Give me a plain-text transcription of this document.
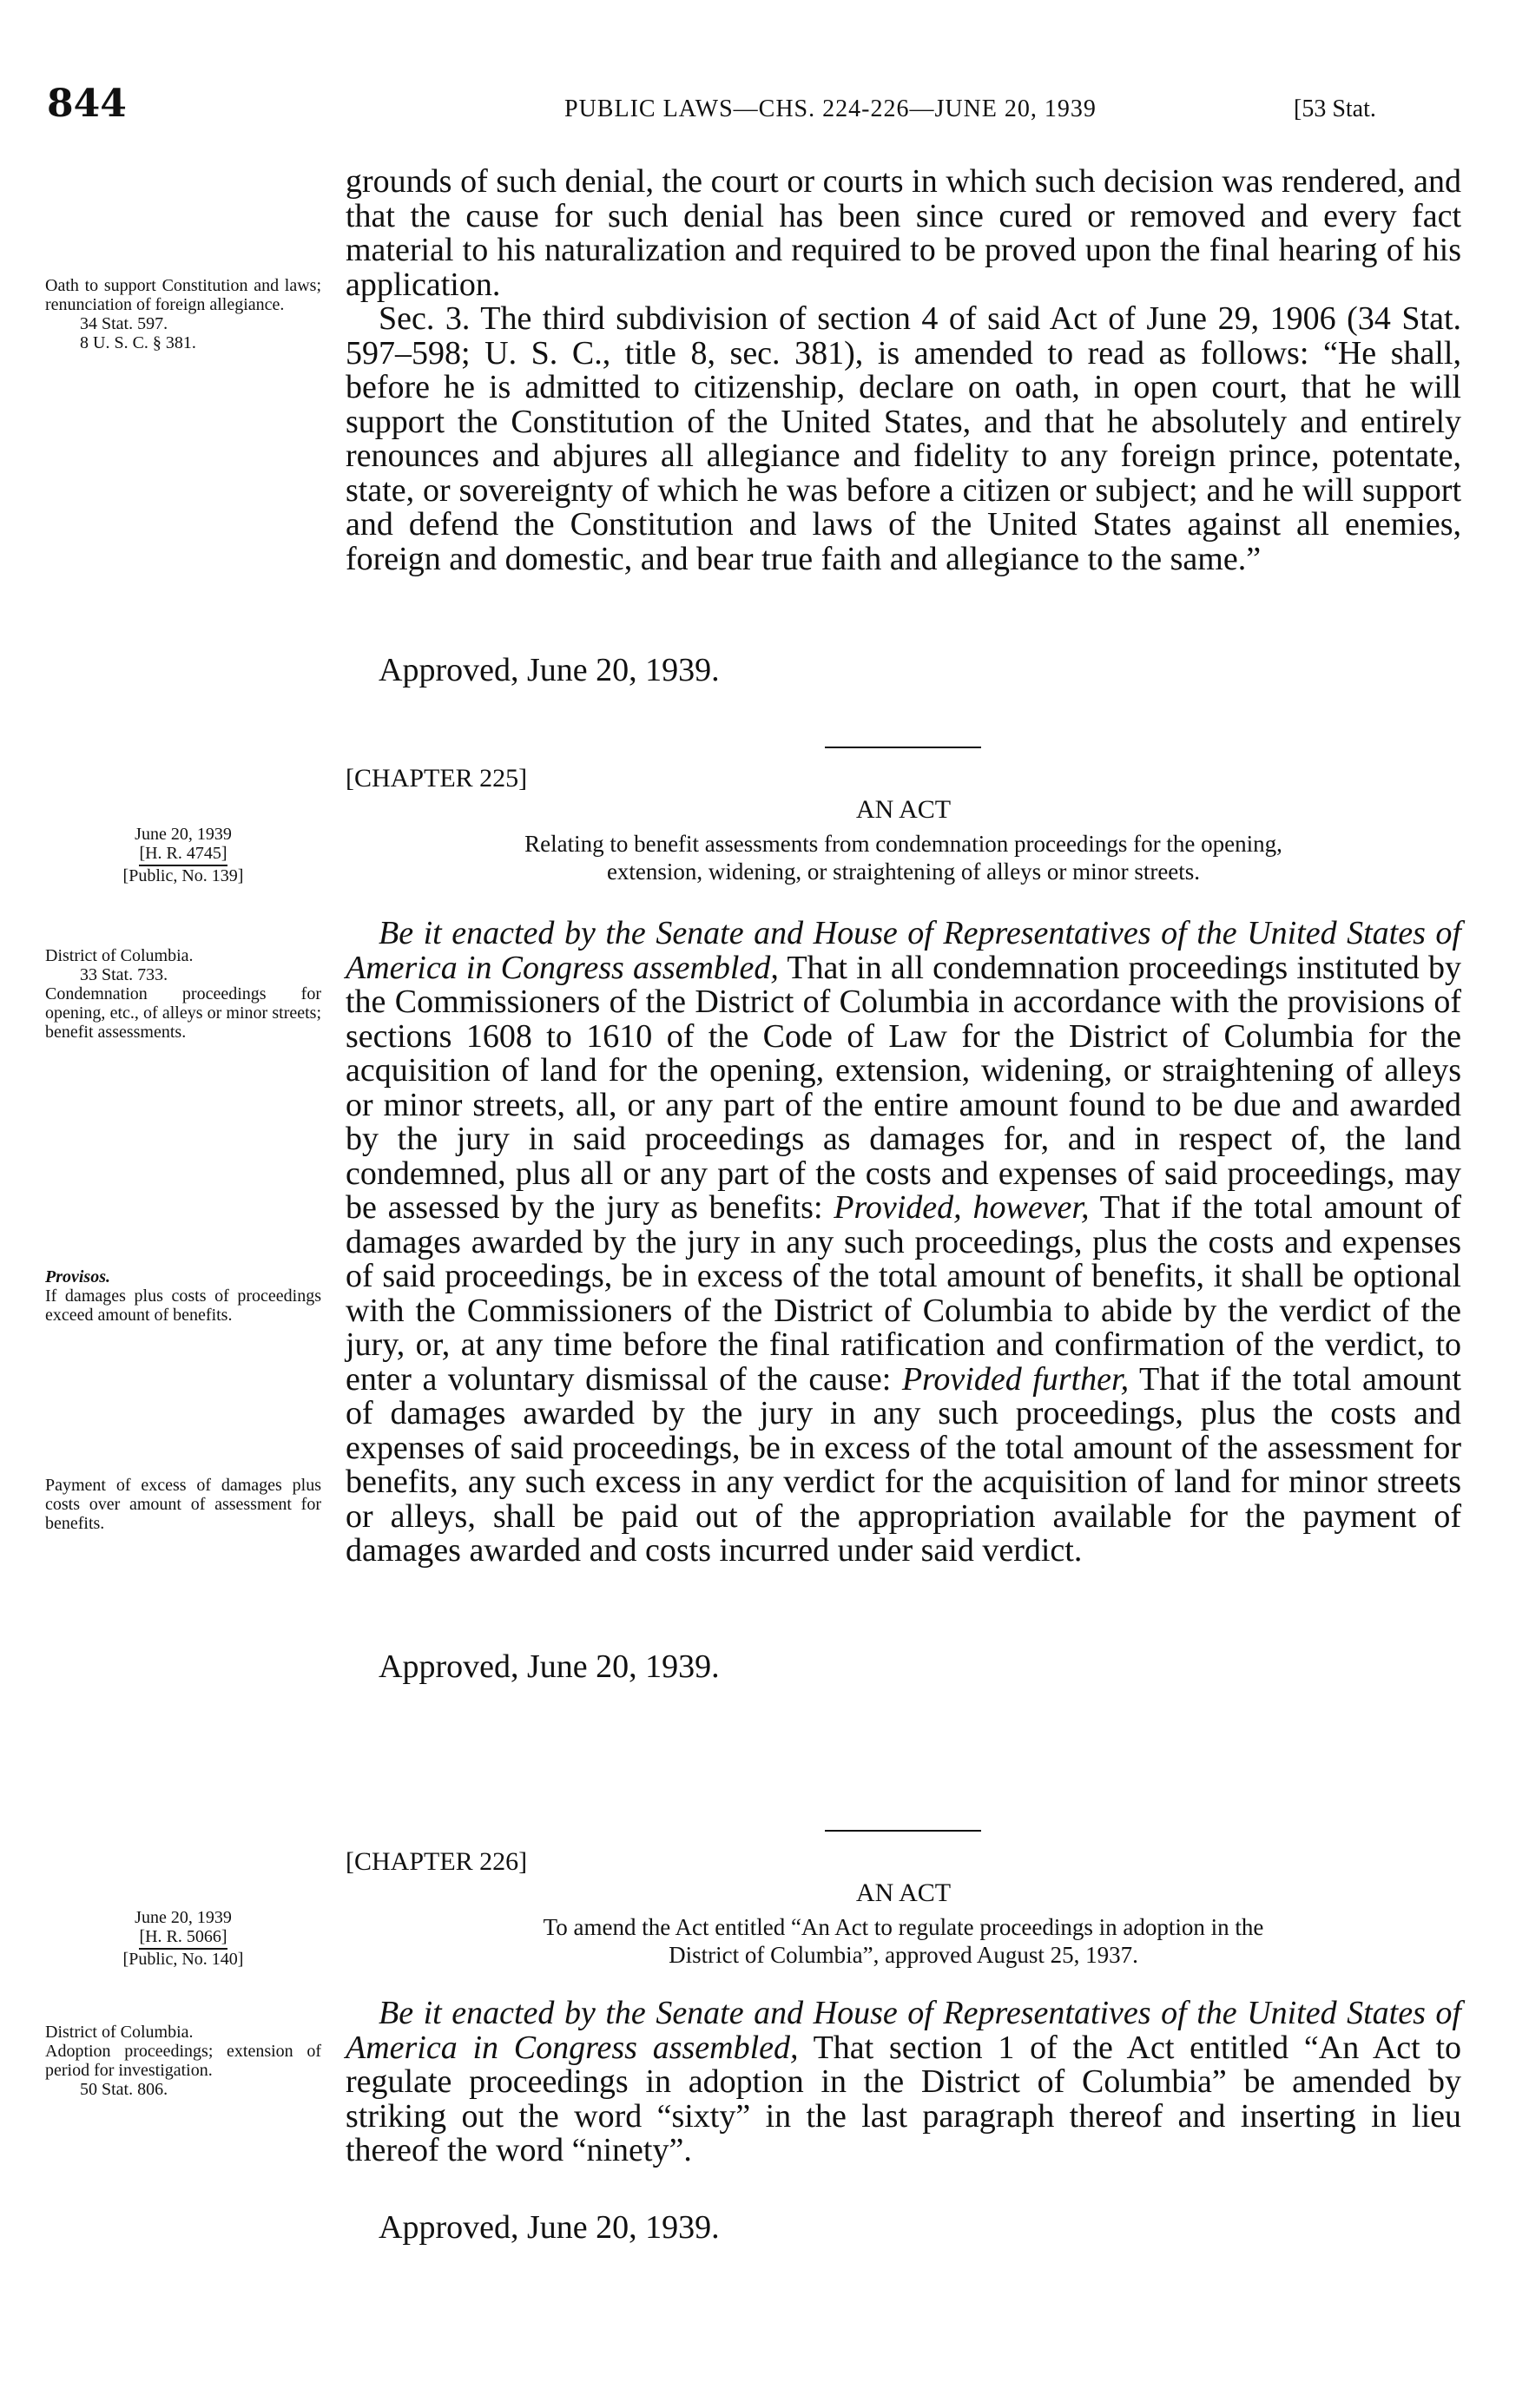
844	PUBLIC LAWS—CHS. 224-226—JUNE 20, 1939	[53 Stat.

grounds of such denial, the court or courts in which such decision was rendered, and that the cause for such denial has been since cured or removed and every fact material to his naturalization and required to be proved upon the final hearing of his application.

Sec. 3. The third subdivision of section 4 of said Act of June 29, 1906 (34 Stat. 597–598; U. S. C., title 8, sec. 381), is amended to read as follows: “He shall, before he is admitted to citizenship, declare on oath, in open court, that he will support the Constitution of the United States, and that he absolutely and entirely renounces and abjures all allegiance and fidelity to any foreign prince, potentate, state, or sovereignty of which he was before a citizen or subject; and he will support and defend the Constitution and laws of the United States against all enemies, foreign and domestic, and bear true faith and allegiance to the same.”

Approved, June 20, 1939.

Oath to support Constitution and laws; renunciation of foreign allegiance.

34 Stat. 597.

8 U. S. C. § 381.

[CHAPTER 225]
AN ACT
Relating to benefit assessments from condemnation proceedings for the opening,
extension, widening, or straightening of alleys or minor streets.

June 20, 1939

[H. R. 4745]

[Public, No. 139]

Be it enacted by the Senate and House of Representatives of the United States of America in Congress assembled, That in all condemnation proceedings instituted by the Commissioners of the District of Columbia in accordance with the provisions of sections 1608 to 1610 of the Code of Law for the District of Columbia for the acquisition of land for the opening, extension, widening, or straightening of alleys or minor streets, all, or any part of the entire amount found to be due and awarded by the jury in said proceedings as damages for, and in respect of, the land condemned, plus all or any part of the costs and expenses of said proceedings, may be assessed by the jury as benefits: Provided, however, That if the total amount of damages awarded by the jury in any such proceedings, plus the costs and expenses of said proceedings, be in excess of the total amount of benefits, it shall be optional with the Commissioners of the District of Columbia to abide by the verdict of the jury, or, at any time before the final ratification and confirmation of the verdict, to enter a voluntary dismissal of the cause: Provided further, That if the total amount of damages awarded by the jury in any such proceedings, plus the costs and expenses of said proceedings, be in excess of the total amount of the assessment for benefits, any such excess in any verdict for the acquisition of land for minor streets or alleys, shall be paid out of the appropriation available for the payment of damages awarded and costs incurred under said verdict.

Approved, June 20, 1939.

District of Columbia.

33 Stat. 733.

Condemnation proceedings for opening, etc., of alleys or minor streets; benefit assessments.

Provisos.

If damages plus costs of proceedings exceed amount of benefits.

Payment of excess of damages plus costs over amount of assessment for benefits.

[CHAPTER 226]
AN ACT
To amend the Act entitled “An Act to regulate proceedings in adoption in the
District of Columbia”, approved August 25, 1937.

June 20, 1939

[H. R. 5066]

[Public, No. 140]

Be it enacted by the Senate and House of Representatives of the United States of America in Congress assembled, That section 1 of the Act entitled “An Act to regulate proceedings in adoption in the District of Columbia” be amended by striking out the word “sixty” in the last paragraph thereof and inserting in lieu thereof the word “ninety”.

Approved, June 20, 1939.

District of Columbia.

Adoption proceedings; extension of period for investigation.

50 Stat. 806.
